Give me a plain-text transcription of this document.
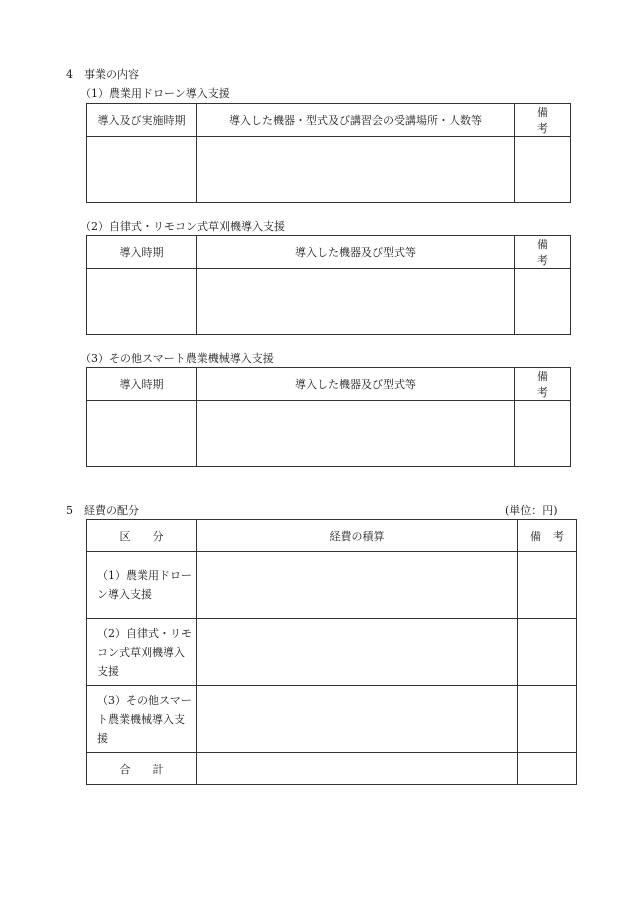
4　事業の内容
（1）農業用ドローン導入支援
導入及び実施時期	導入した機器・型式及び講習会の受講場所・人数等	備考

（2）自律式・リモコン式草刈機導入支援
導入時期	導入した機器及び型式等	備考

（3）その他スマート農業機械導入支援
導入時期	導入した機器及び型式等	備考

5　経費の配分	(単位：円)
区分	経費の積算	備考
（1）農業用ドローン導入支援		
（2）自律式・リモコン式草刈機導入支援		
（3）その他スマート農業機械導入支援		
合計		
